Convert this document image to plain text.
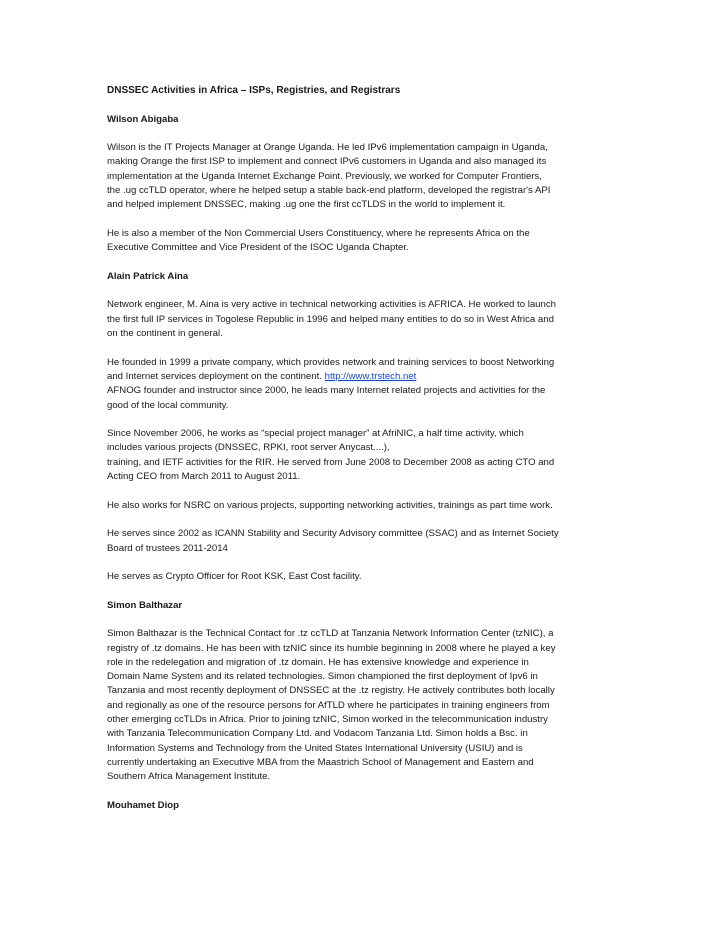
DNSSEC Activities in Africa – ISPs, Registries, and Registrars
Wilson Abigaba
Wilson is the IT Projects Manager at Orange Uganda. He led IPv6 implementation campaign in Uganda,
making Orange the first ISP to implement and connect IPv6 customers in Uganda and also managed its
implementation at the Uganda Internet Exchange Point. Previously, we worked for Computer Frontiers,
the .ug ccTLD operator, where he helped setup a stable back-end platform, developed the registrar's API
and helped implement DNSSEC, making .ug one the first ccTLDS in the world to implement it.
He is also a member of the Non Commercial Users Constituency, where he represents Africa on the
Executive Committee and Vice President of the ISOC Uganda Chapter.
Alain Patrick Aina
Network engineer, M. Aina is very active in technical networking activities is AFRICA. He worked to launch
the first full IP services in Togolese Republic in 1996 and helped many entities to do so in West Africa and
on the continent in general.
He founded in 1999 a private company, which provides network and training services to boost Networking
and Internet services deployment on the continent. http://www.trstech.net
AFNOG founder and instructor since 2000, he leads many Internet related projects and activities for the
good of the local community.
Since November 2006, he works as “special project manager” at AfriNIC, a half time activity, which
includes various projects (DNSSEC, RPKI, root server Anycast....),
training, and IETF activities for the RIR. He served from June 2008 to December 2008 as acting CTO and
Acting CEO from March 2011 to August 2011.
He also works for NSRC on various projects, supporting networking activities, trainings as part time work.
He serves since 2002 as ICANN Stability and Security Advisory committee (SSAC) and as Internet Society
Board of trustees 2011-2014
He serves as Crypto Officer for Root KSK, East Cost facility.
Simon Balthazar
Simon Balthazar is the Technical Contact for .tz ccTLD at Tanzania Network Information Center (tzNIC), a
registry of .tz domains. He has been with tzNIC since its humble beginning in 2008 where he played a key
role in the redelegation and migration of .tz domain. He has extensive knowledge and experience in
Domain Name System and its related technologies. Simon championed the first deployment of Ipv6 in
Tanzania and most recently deployment of DNSSEC at the .tz registry. He actively contributes both locally
and regionally as one of the resource persons for AfTLD where he participates in training engineers from
other emerging ccTLDs in Africa. Prior to joining tzNIC, Simon worked in the telecommunication industry
with Tanzania Telecommunication Company Ltd. and Vodacom Tanzania Ltd. Simon holds a Bsc. in
Information Systems and Technology from the United States International University (USIU) and is
currently undertaking an Executive MBA from the Maastrich School of Management and Eastern and
Southern Africa Management Institute.
Mouhamet Diop
